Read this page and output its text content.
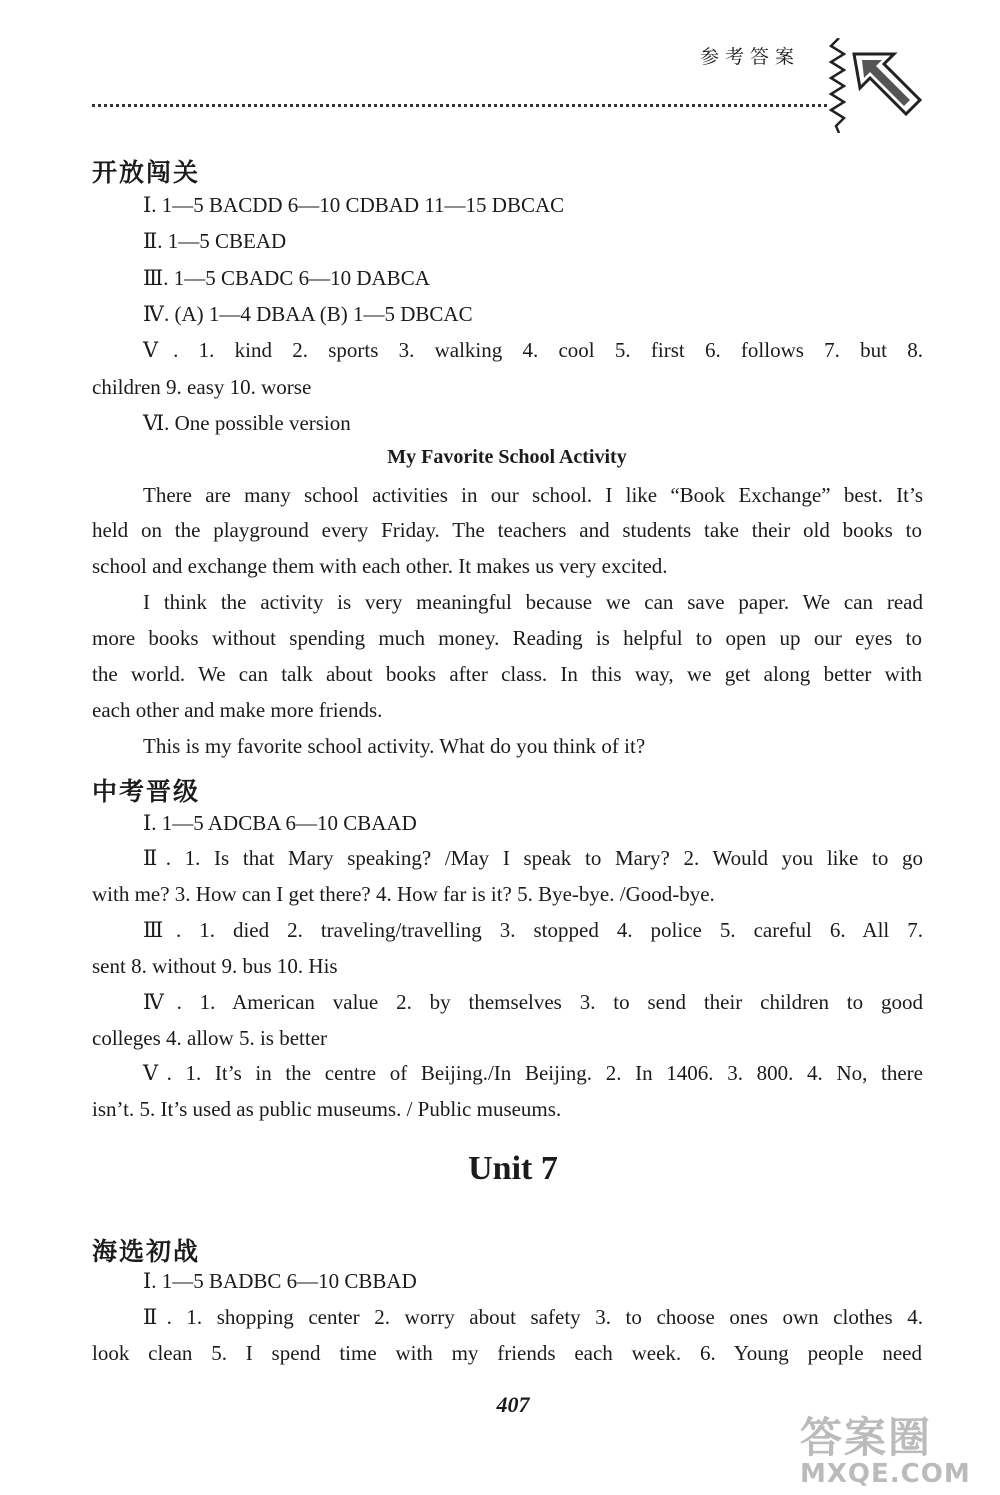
参考答案
开放闯关
Ⅰ. 1—5 BACDD 6—10 CDBAD 11—15 DBCAC
Ⅱ. 1—5 CBEAD
Ⅲ. 1—5 CBADC 6—10 DABCA
Ⅳ. (A) 1—4 DBAA (B) 1—5 DBCAC
Ⅴ. 1. kind 2. sports 3. walking 4. cool 5. first 6. follows 7. but 8.
children 9. easy 10. worse
Ⅵ. One possible version
My Favorite School Activity
There are many school activities in our school. I like “Book Exchange” best. It’s
held on the playground every Friday. The teachers and students take their old books to
school and exchange them with each other. It makes us very excited.
I think the activity is very meaningful because we can save paper. We can read
more books without spending much money. Reading is helpful to open up our eyes to
the world. We can talk about books after class. In this way, we get along better with
each other and make more friends.
This is my favorite school activity. What do you think of it?
中考晋级
Ⅰ. 1—5 ADCBA 6—10 CBAAD
Ⅱ. 1. Is that Mary speaking? /May I speak to Mary? 2. Would you like to go
with me? 3. How can I get there? 4. How far is it? 5. Bye-bye. /Good-bye.
Ⅲ. 1. died 2. traveling/travelling 3. stopped 4. police 5. careful 6. All 7.
sent 8. without 9. bus 10. His
Ⅳ. 1. American value 2. by themselves 3. to send their children to good
colleges 4. allow 5. is better
Ⅴ. 1. It’s in the centre of Beijing./In Beijing. 2. In 1406. 3. 800. 4. No, there
isn’t. 5. It’s used as public museums. / Public museums.
Unit 7
海选初战
Ⅰ. 1—5 BADBC 6—10 CBBAD
Ⅱ. 1. shopping center 2. worry about safety 3. to choose ones own clothes 4.
look clean 5. I spend time with my friends each week. 6. Young people need
407
答案圈
MXQE.COM
